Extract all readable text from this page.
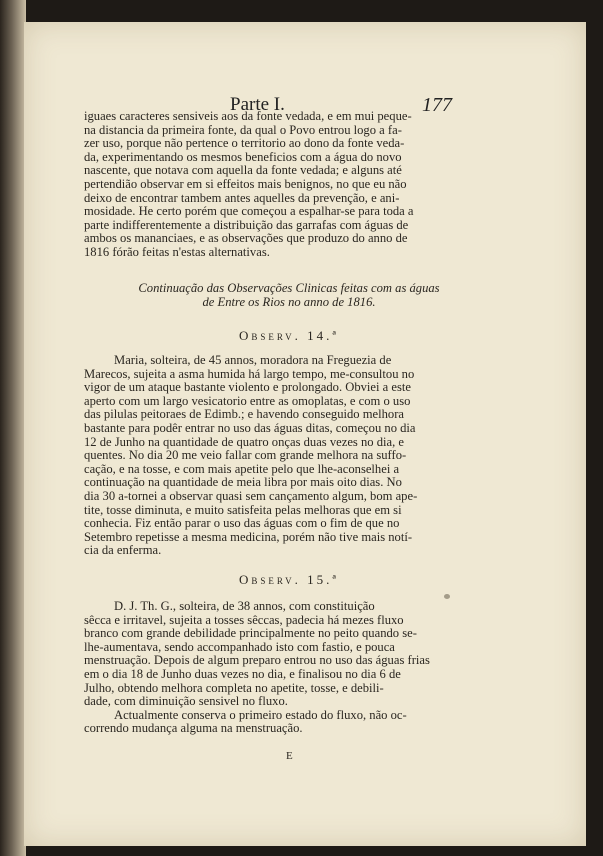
Parte I.	177
iguaes caracteres sensiveis aos da fonte vedada, e em mui peque-
na distancia da primeira fonte, da qual o Povo entrou logo a fa-
zer uso, porque não pertence o territorio ao dono da fonte veda-
da, experimentando os mesmos beneficios com a água do novo
nascente, que notava com aquella da fonte vedada; e alguns até
pertendião observar em si effeitos mais benignos, no que eu não
deixo de encontrar tambem antes aquelles da prevenção, e ani-
mosidade. He certo porém que começou a espalhar-se para toda a
parte indifferentemente a distribuição das garrafas com águas de
ambos os mananciaes, e as observações que produzo do anno de
1816 fórão feitas n'estas alternativas.
Continuação das Observações Clinicas feitas com as águas
de Entre os Rios no anno de 1816.
Observ. 14.ª
Maria, solteira, de 45 annos, moradora na Freguezia de
Marecos, sujeita a asma humida há largo tempo, me-consultou no
vigor de um ataque bastante violento e prolongado. Obviei a este
aperto com um largo vesicatorio entre as omoplatas, e com o uso
das pilulas peitoraes de Edimb.; e havendo conseguido melhora
bastante para podêr entrar no uso das águas ditas, começou no dia
12 de Junho na quantidade de quatro onças duas vezes no dia, e
quentes. No dia 20 me veio fallar com grande melhora na suffo-
cação, e na tosse, e com mais apetite pelo que lhe-aconselhei a
continuação na quantidade de meia libra por mais oito dias. No
dia 30 a-tornei a observar quasi sem cançamento algum, bom ape-
tite, tosse diminuta, e muito satisfeita pelas melhoras que em si
conhecia. Fiz então parar o uso das águas com o fim de que no
Setembro repetisse a mesma medicina, porém não tive mais notí-
cia da enferma.
Observ. 15.ª
D. J. Th. G., solteira, de 38 annos, com constituição
sêcca e irritavel, sujeita a tosses sêccas, padecia há mezes fluxo
branco com grande debilidade principalmente no peito quando se-
lhe-aumentava, sendo accompanhado isto com fastio, e pouca
menstruação. Depois de algum preparo entrou no uso das águas frias
em o dia 18 de Junho duas vezes no dia, e finalisou no dia 6 de
Julho, obtendo melhora completa no apetite, tosse, e debili-
dade, com diminuição sensivel no fluxo.
Actualmente conserva o primeiro estado do fluxo, não oc-
correndo mudança alguma na menstruação.
E
